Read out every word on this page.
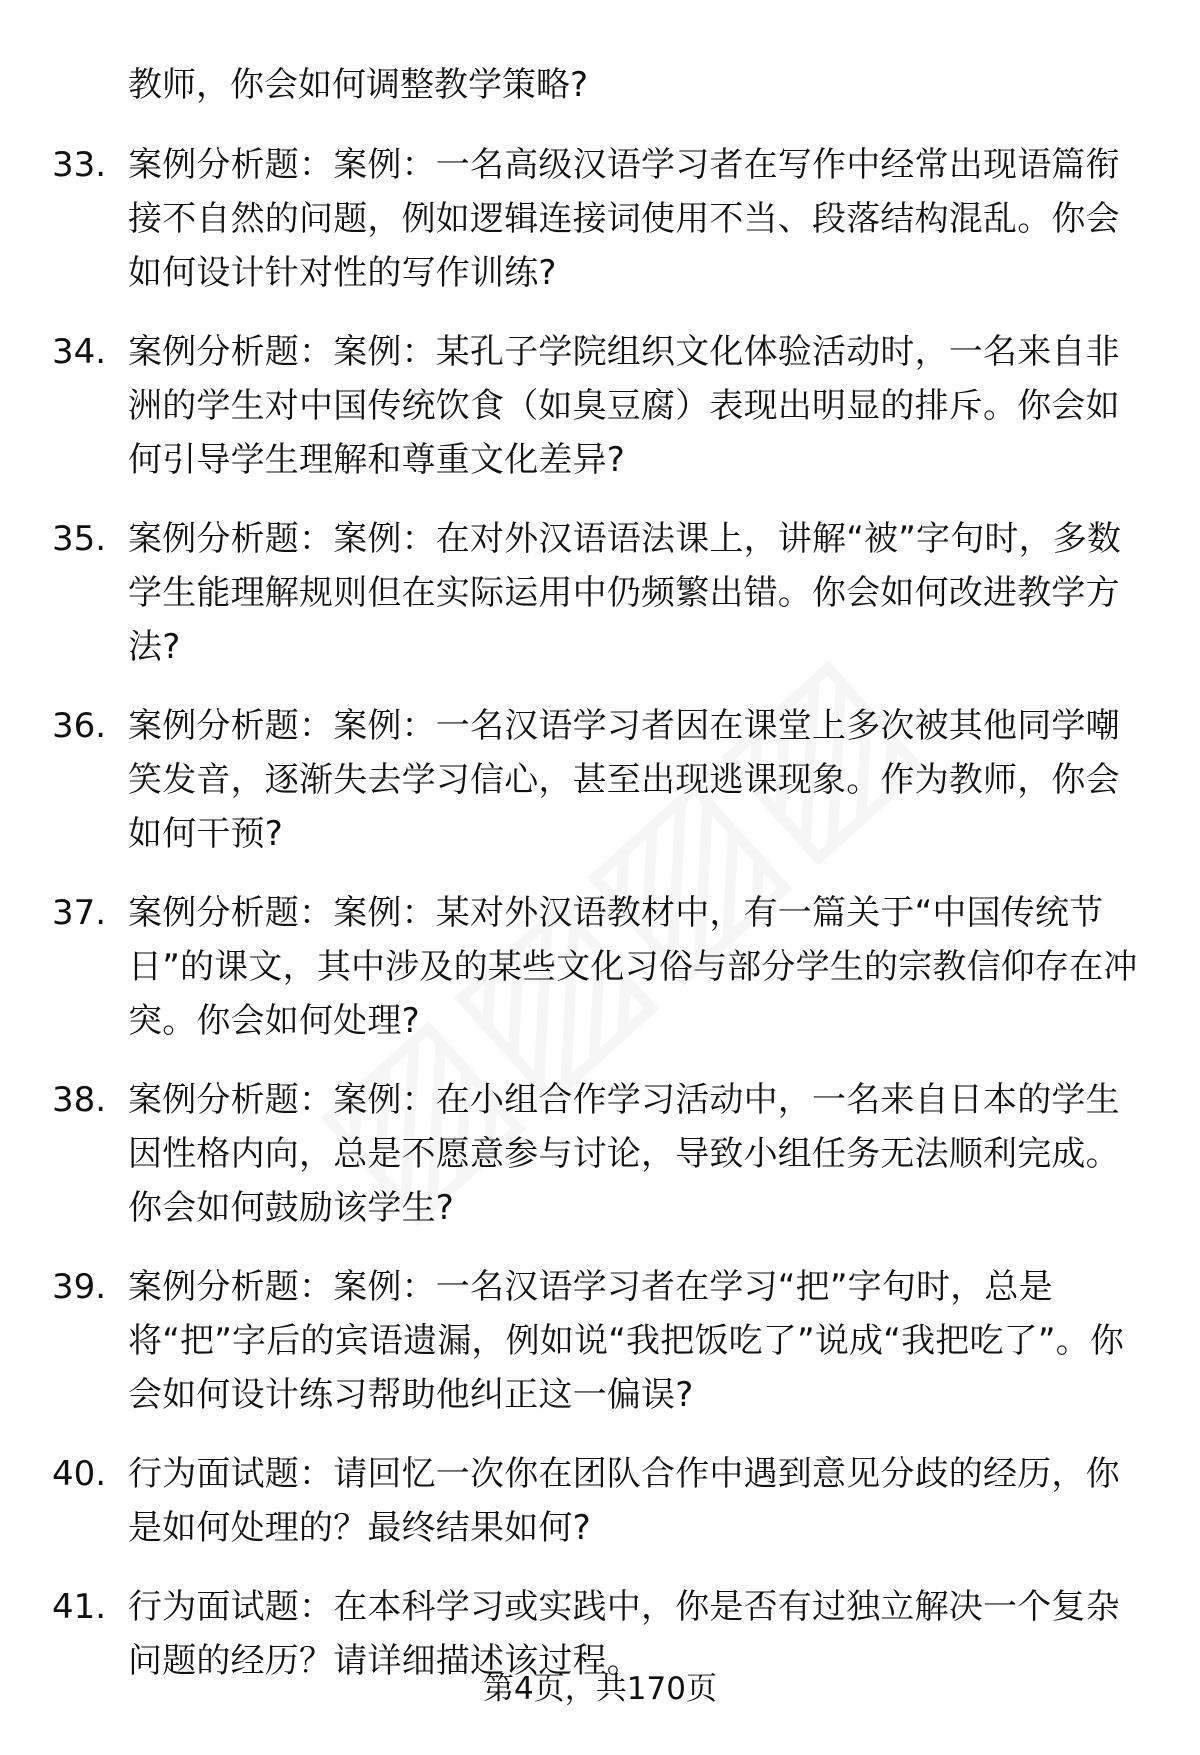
教师，你会如何调整教学策略?
33. 案例分析题：案例：一名高级汉语学习者在写作中经常出现语篇衔接不自然的问题，例如逻辑连接词使用不当、段落结构混乱。你会如何设计针对性的写作训练?
34. 案例分析题：案例：某孔子学院组织文化体验活动时，一名来自非洲的学生对中国传统饮食（如臭豆腐）表现出明显的排斥。你会如何引导学生理解和尊重文化差异?
35. 案例分析题：案例：在对外汉语语法课上，讲解“被”字句时，多数学生能理解规则但在实际运用中仍频繁出错。你会如何改进教学方法?
36. 案例分析题：案例：一名汉语学习者因在课堂上多次被其他同学嘲笑发音，逐渐失去学习信心，甚至出现逃课现象。作为教师，你会如何干预?
37. 案例分析题：案例：某对外汉语教材中，有一篇关于“中国传统节日”的课文，其中涉及的某些文化习俗与部分学生的宗教信仰存在冲突。你会如何处理?
38. 案例分析题：案例：在小组合作学习活动中，一名来自日本的学生因性格内向，总是不愿意参与讨论，导致小组任务无法顺利完成。你会如何鼓励该学生?
39. 案例分析题：案例：一名汉语学习者在学习“把”字句时，总是将“把”字后的宾语遗漏，例如说“我把饭吃了”说成“我把吃了”。你会如何设计练习帮助他纠正这一偏误?
40. 行为面试题：请回忆一次你在团队合作中遇到意见分歧的经历，你是如何处理的？最终结果如何?
41. 行为面试题：在本科学习或实践中，你是否有过独立解决一个复杂问题的经历？请详细描述该过程。
第4页，共170页
